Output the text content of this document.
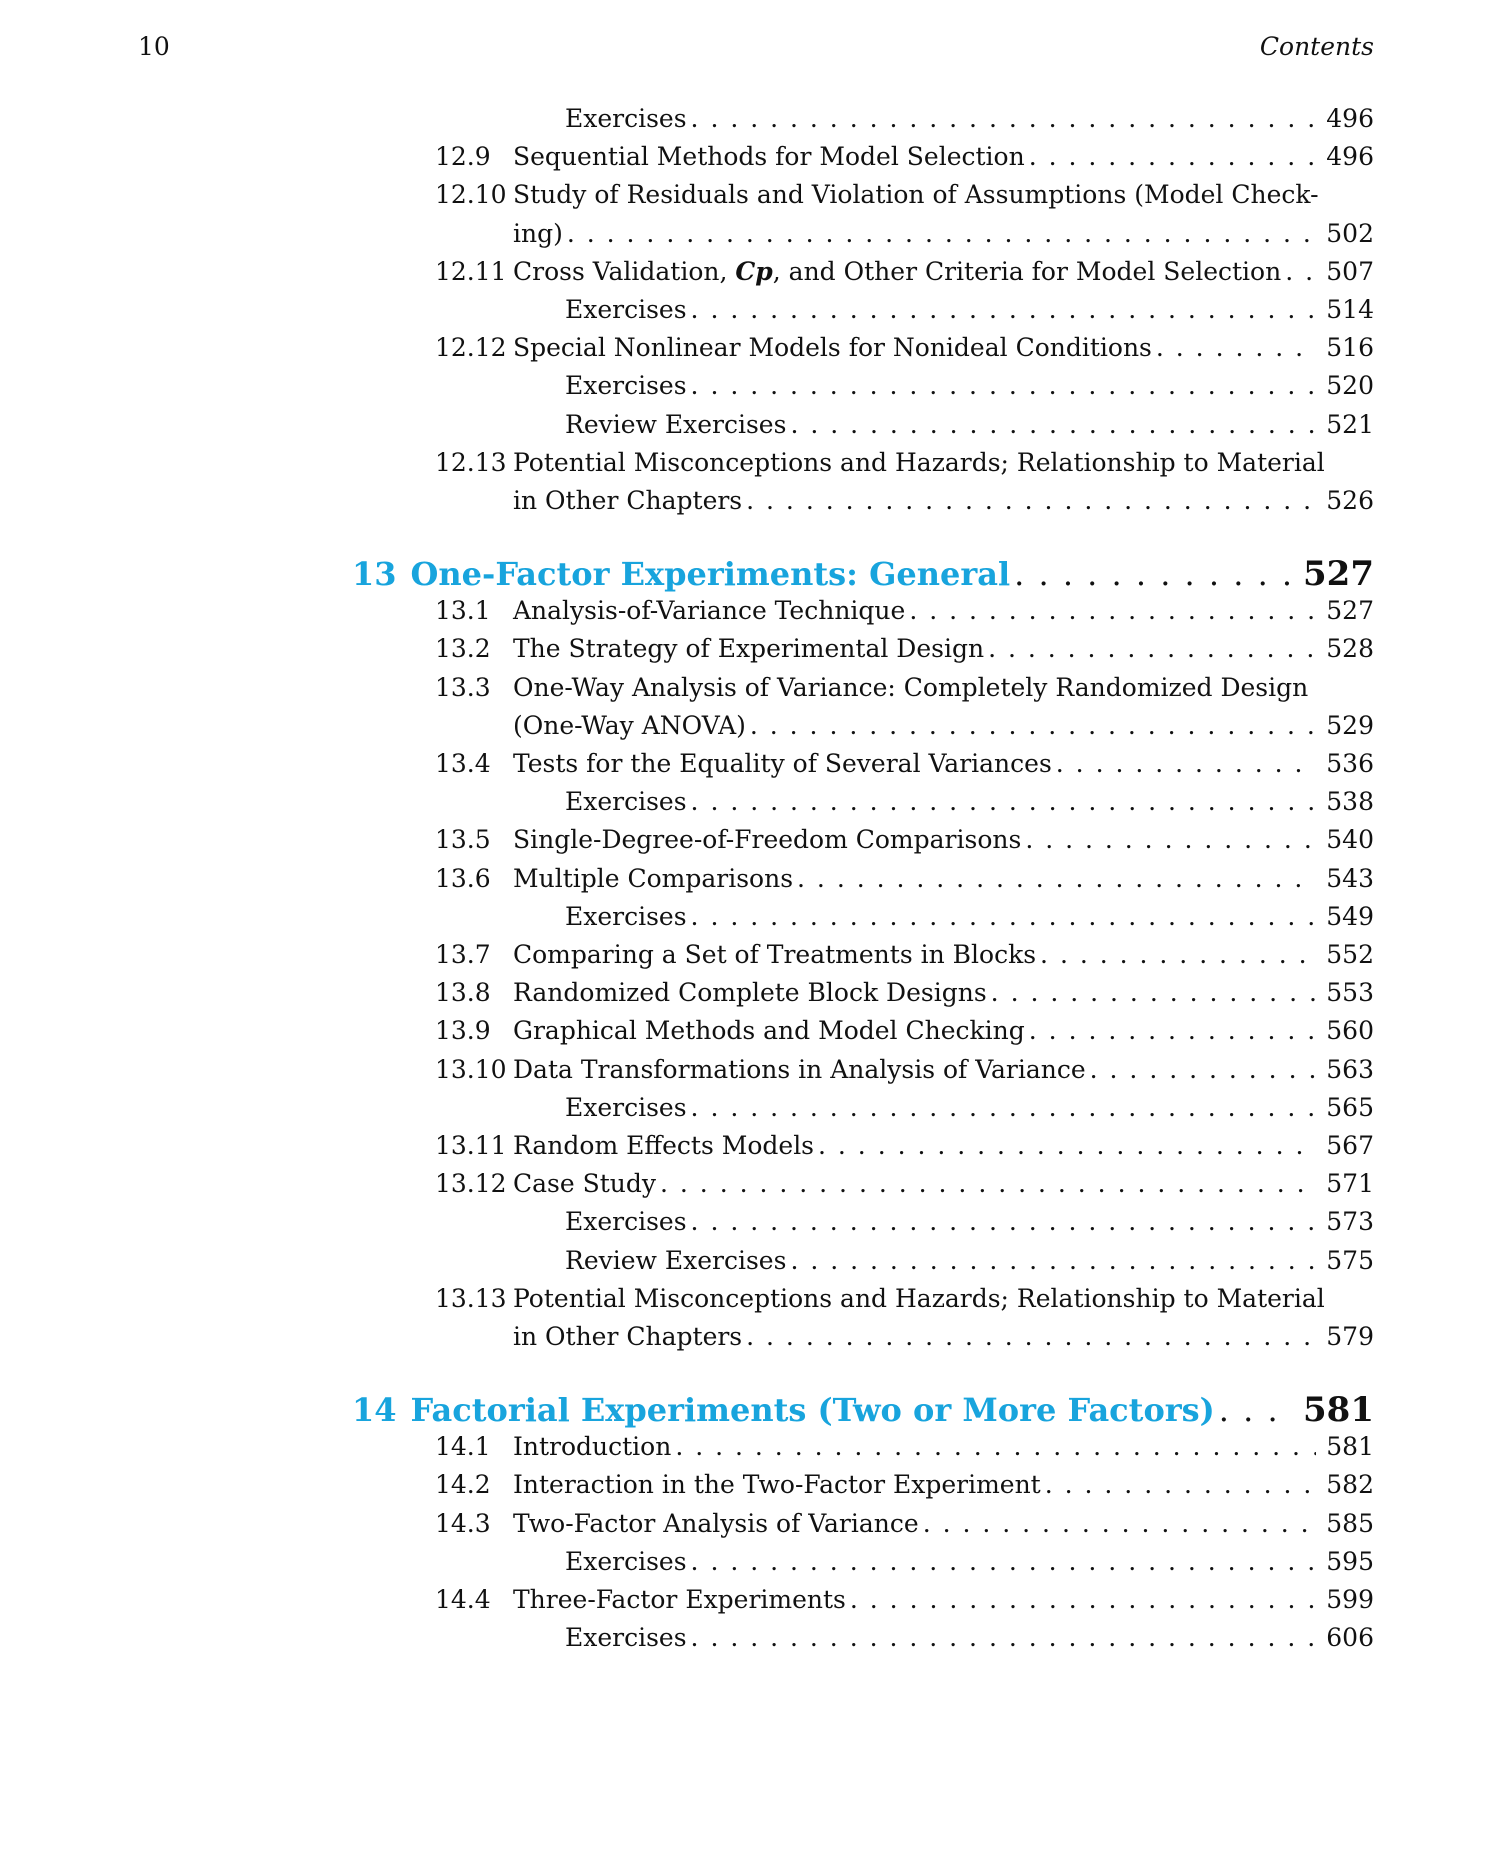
10	Contents
Exercises . . .	496
12.9 Sequential Methods for Model Selection . . .	496
12.10 Study of Residuals and Violation of Assumptions (Model Check-
ing) . . .	502
12.11 Cross Validation, Cp, and Other Criteria for Model Selection . . . 507
Exercises . . .	514
12.12 Special Nonlinear Models for Nonideal Conditions . . .	516
Exercises . . .	520
Review Exercises . . .	521
12.13 Potential Misconceptions and Hazards; Relationship to Material
in Other Chapters . . .	526
13 One-Factor Experiments: General . . .	527
13.1 Analysis-of-Variance Technique . . .	527
13.2 The Strategy of Experimental Design . . .	528
13.3 One-Way Analysis of Variance: Completely Randomized Design
(One-Way ANOVA) . . .	529
13.4 Tests for the Equality of Several Variances . . .	536
Exercises . . .	538
13.5 Single-Degree-of-Freedom Comparisons . . .	540
13.6 Multiple Comparisons . . .	543
Exercises . . .	549
13.7 Comparing a Set of Treatments in Blocks . . .	552
13.8 Randomized Complete Block Designs . . .	553
13.9 Graphical Methods and Model Checking . . .	560
13.10 Data Transformations in Analysis of Variance . . .	563
Exercises . . .	565
13.11 Random Effects Models . . .	567
13.12 Case Study . . .	571
Exercises . . .	573
Review Exercises . . .	575
13.13 Potential Misconceptions and Hazards; Relationship to Material
in Other Chapters . . .	579
14 Factorial Experiments (Two or More Factors) . . .	581
14.1 Introduction . . .	581
14.2 Interaction in the Two-Factor Experiment . . .	582
14.3 Two-Factor Analysis of Variance . . .	585
Exercises . . .	595
14.4 Three-Factor Experiments . . .	599
Exercises . . .	606
